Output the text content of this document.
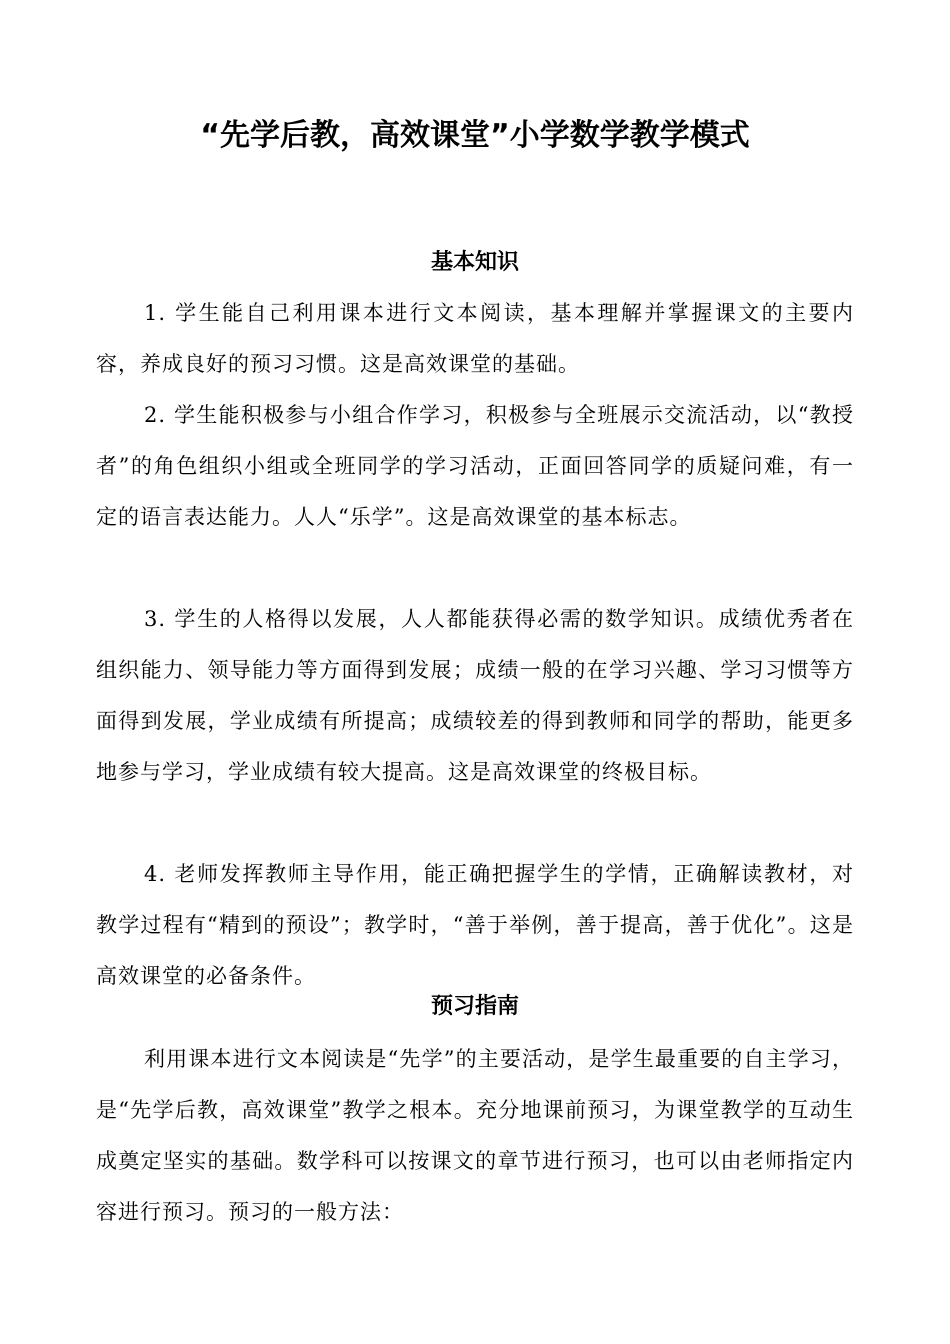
“先学后教，高效课堂”小学数学教学模式
基本知识

1. 学生能自己利用课本进行文本阅读，基本理解并掌握课文的主要内容，养成良好的预习习惯。这是高效课堂的基础。

2. 学生能积极参与小组合作学习，积极参与全班展示交流活动，以“教授者”的角色组织小组或全班同学的学习活动，正面回答同学的质疑问难，有一定的语言表达能力。人人“乐学”。这是高效课堂的基本标志。

3. 学生的人格得以发展，人人都能获得必需的数学知识。成绩优秀者在组织能力、领导能力等方面得到发展；成绩一般的在学习兴趣、学习习惯等方面得到发展，学业成绩有所提高；成绩较差的得到教师和同学的帮助，能更多地参与学习，学业成绩有较大提高。这是高效课堂的终极目标。

4. 老师发挥教师主导作用，能正确把握学生的学情，正确解读教材，对教学过程有“精到的预设”；教学时，“善于举例，善于提高，善于优化”。这是高效课堂的必备条件。

预习指南

利用课本进行文本阅读是“先学”的主要活动，是学生最重要的自主学习，是“先学后教，高效课堂”教学之根本。充分地课前预习，为课堂教学的互动生成奠定坚实的基础。数学科可以按课文的章节进行预习，也可以由老师指定内容进行预习。预习的一般方法：
